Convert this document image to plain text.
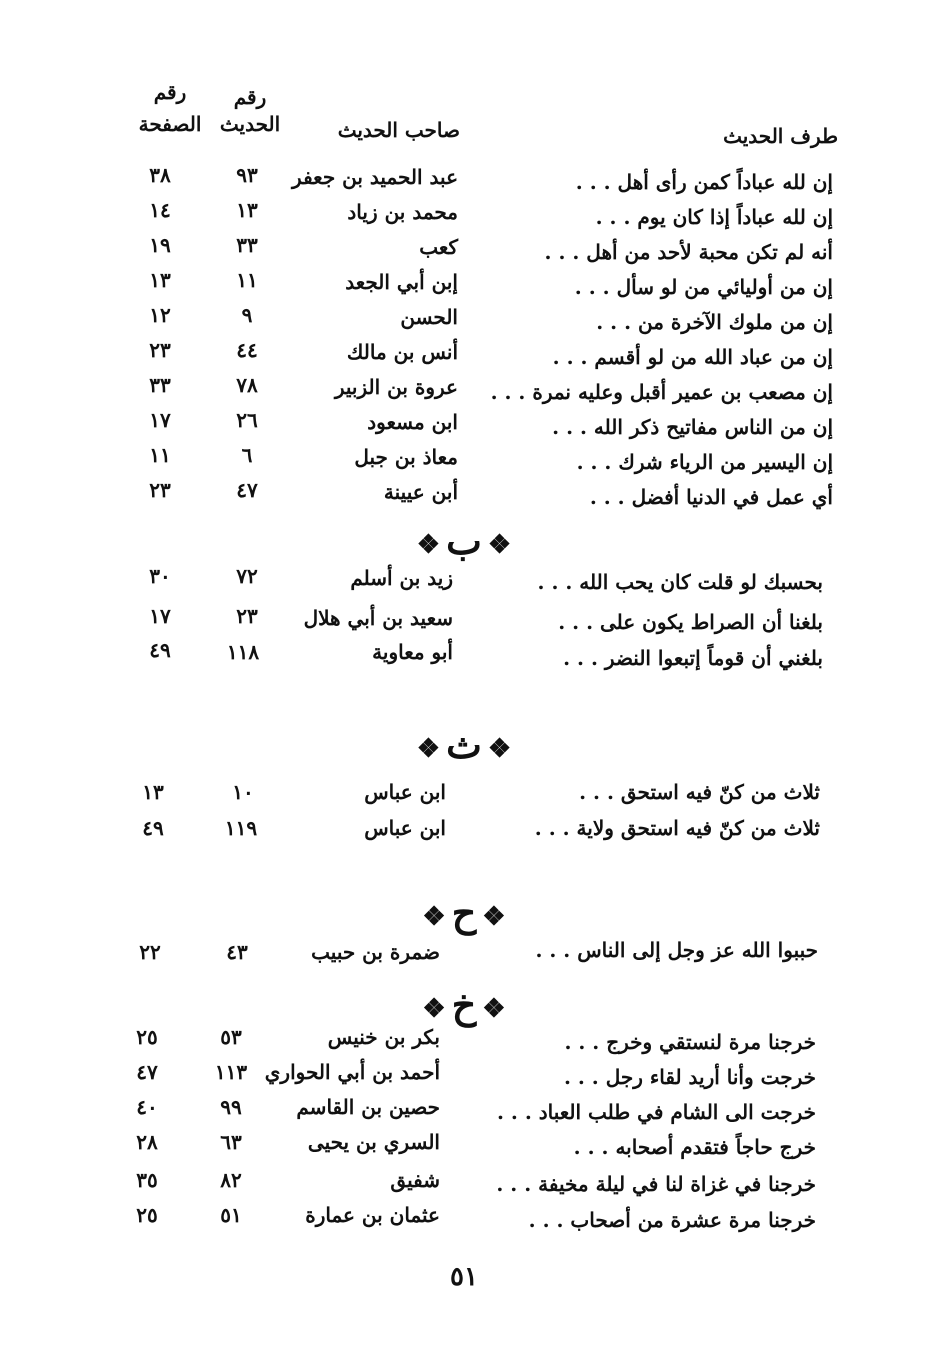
رقم
الصفحة
رقم
الحديث	صاحب الحديث	طرف الحديث
إن لله عباداً كمن رأى أهل . . .
عبد الحميد بن جعفر
٩٣
٣٨
إن لله عباداً إذا كان يوم . . .
محمد بن زياد
١٣
١٤
أنه لم تكن محبة لأحد من أهل . . .
كعب
٣٣
١٩
إن من أوليائي من لو سأل . . .
إبن أبي الجعد
١١
١٣
إن من ملوك الآخرة من . . .
الحسن
٩
١٢
إن من عباد الله من لو أقسم . . .
أنس بن مالك
٤٤
٢٣
إن مصعب بن عمير أقبل وعليه نمرة . . .
عروة بن الزبير
٧٨
٣٣
إن من الناس مفاتيح ذكر الله . . .
ابن مسعود
٢٦
١٧
إن اليسير من الرياء شرك . . .
معاذ بن جبل
٦
١١
أي عمل في الدنيا أفضل . . .
أبن عيينة
٤٧
٢٣
❖ب❖
بحسبك لو قلت كان يحب الله . . .
زيد بن أسلم
٧٢
٣٠
بلغنا أن الصراط يكون على . . .
سعيد بن أبي هلال
٢٣
١٧
بلغني أن قوماً إتبعوا النضر . . .
أبو معاوية
١١٨
٤٩
❖ث❖
ثلاث من كنّ فيه استحق . . .
ابن عباس
١٠
١٣
ثلاث من كنّ فيه استحق ولاية . . .
ابن عباس
١١٩
٤٩
❖ح❖
حببوا الله عز وجل إلى الناس . . .
ضمرة بن حبيب
٤٣
٢٢
❖خ❖
خرجنا مرة لنستقي وخرج . . .
بكر بن خنيس
٥٣
٢٥
خرجت وأنا أريد لقاء رجل . . .
أحمد بن أبي الحواري
١١٣
٤٧
خرجت الى الشام في طلب العباد . . .
حصين بن القاسم
٩٩
٤٠
خرج حاجاً فتقدم أصحابه . . .
السري بن يحيى
٦٣
٢٨
خرجنا في غزاة لنا في ليلة مخيفة . . .
شفيق
٨٢
٣٥
خرجنا مرة عشرة من أصحاب . . .
عثمان بن عمارة
٥١
٢٥
٥١
